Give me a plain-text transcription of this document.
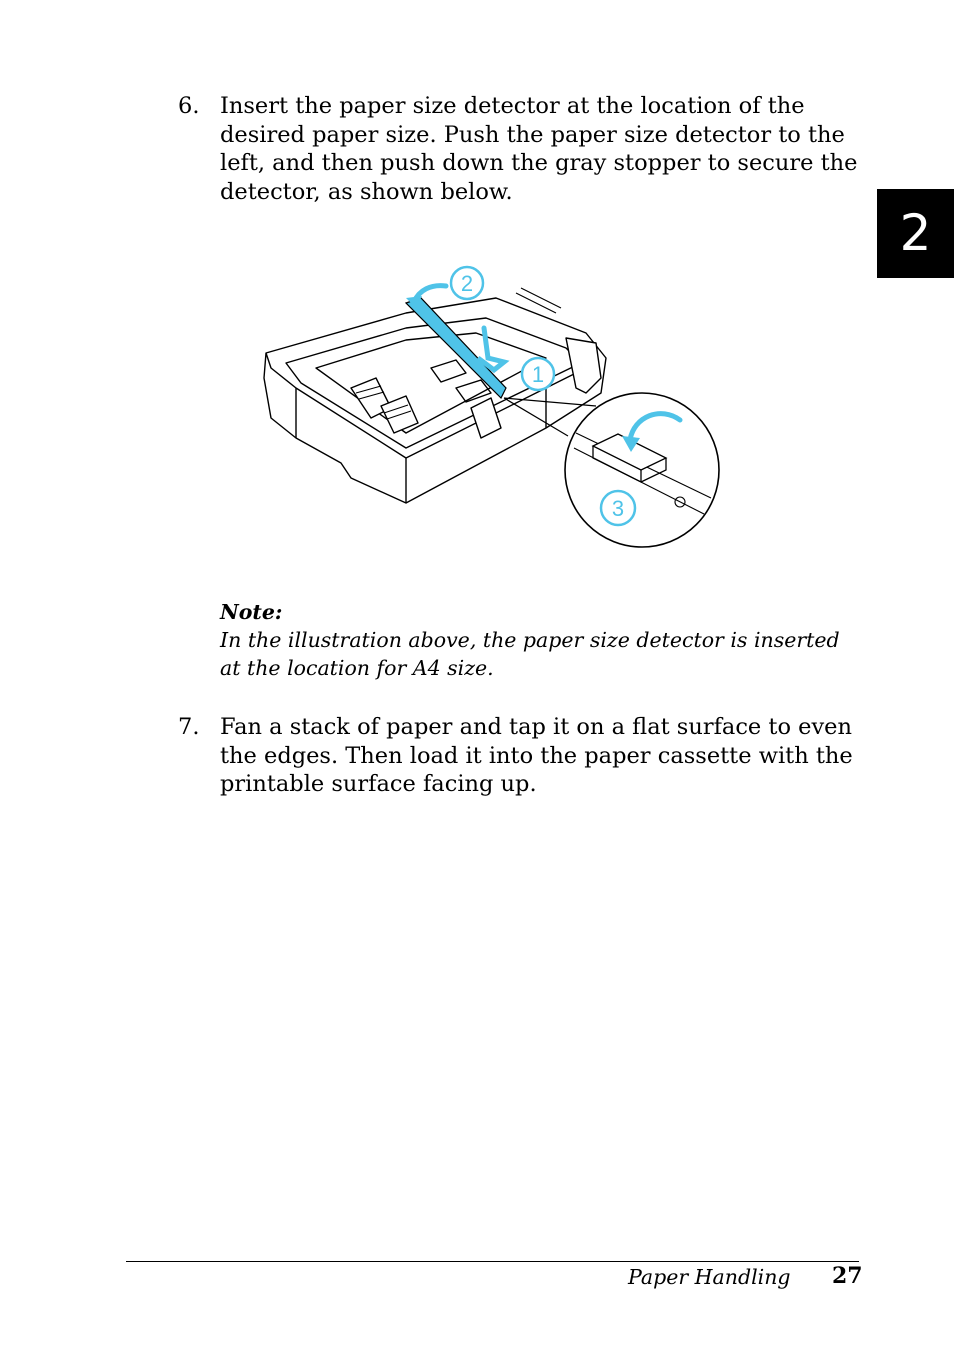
2
6. Insert the paper size detector at the location of the desired paper size. Push the paper size detector to the left, and then push down the gray stopper to secure the detector, as shown below.
1
2
3
Note:
In the illustration above, the paper size detector is inserted at the location for A4 size.
7. Fan a stack of paper and tap it on a flat surface to even the edges. Then load it into the paper cassette with the printable surface facing up.
Paper Handling 27
